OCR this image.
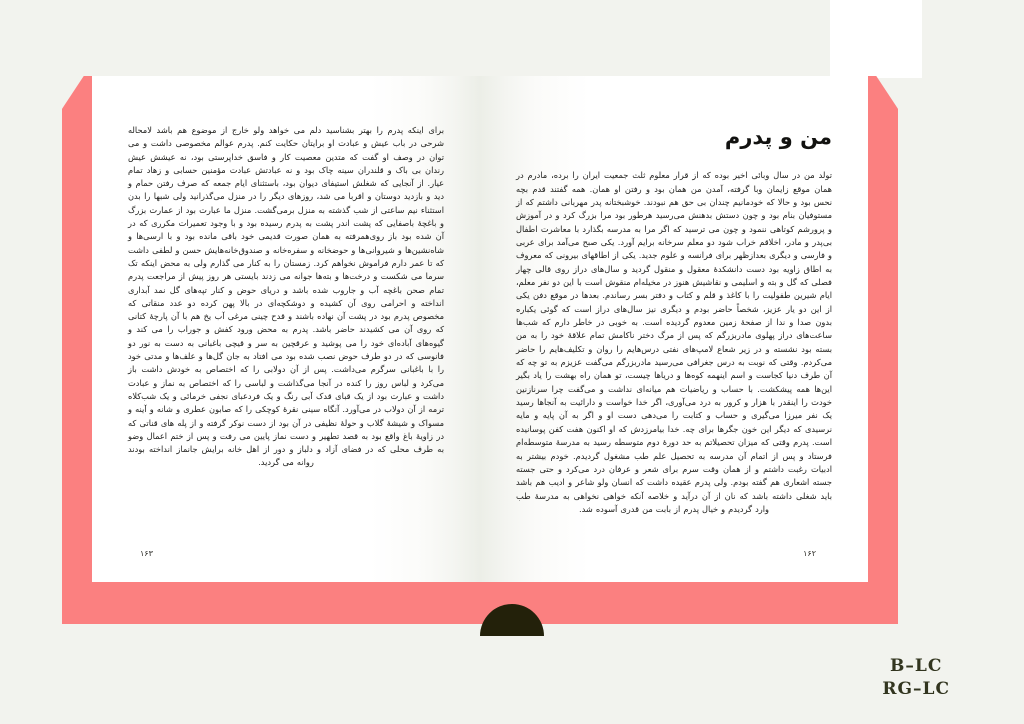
برای اینکه پدرم را بهتر بشناسید دلم می خواهد ولو خارج از موضوع هم باشد لامحاله شرحی در باب عیش و عبادت او برایتان حکایت کنم. پدرم عوالم مخصوصی داشت و می توان در وصف او گفت که متدین معصیت کار و فاسق خداپرستی بود، نه عیشش عیش رندان بی باک و قلندران سینه چاک بود و نه عبادتش عبادت مؤمنین حسابی و زهاد تمام عیار. از آنجایی که شغلش استیفای دیوان بود، باستثنای ایام جمعه که صرف رفتن حمام و دید و بازدید دوستان و اقربا می شد، روزهای دیگر را در منزل می‌گذرانید ولی شبها را بدن استثناء نیم ساعتی از شب گذشته به منزل برمی‌گشت. منزل ما عبارت بود از عمارت بزرگ و باغچهٔ باصفایی که پشت اندر پشت به پدرم رسیده بود و با وجود تعمیرات مکرری که در آن شده بود باز روی‌همرفته به همان صورت قدیمی خود باقی مانده بود و با ارسی‌ها و شاه‌نشین‌ها و شیروانی‌ها و حوضخانه و سفره‌خانه و صندوق‌خانه‌هایش حسن و لطفی داشت که تا عمر دارم فراموش نخواهم کرد. زمستان را به کنار می گذارم ولی به محض اینکه تک سرما می شکست و درخت‌ها و بته‌ها جوانه می زدند بایستی هر روز پیش از مراجعت پدرم تمام صحن باغچه آب و جاروب شده باشد و دریای حوض و کنار تپه‌های گل نمد آبداری انداخته و احرامی روی آن کشیده و دوشکچه‌ای در بالا پهن کرده دو عدد منقاتی که مخصوص پدرم بود در پشت آن نهاده باشند و قدح چینی مرغی آب یخ هم با آن پارچهٔ کتانی که روی آن می کشیدند حاضر باشد. پدرم به محض ورود کفش و جوراب را می کند و گیوه‌های آباده‌ای خود را می پوشید و عرقچین به سر و قیچی باغبانی به دست به نور دو فانوسی که در دو طرف حوض نصب شده بود می افتاد به جان گل‌ها و علف‌ها و مدتی خود را با باغبانی سرگرم می‌داشت. پس از آن دولابی را که اختصاص به خودش داشت باز می‌کرد و لباس روز را کنده در آنجا می‌گذاشت و لباسی را که اختصاص به نماز و عبادت داشت و عبارت بود از یک قبای قدک آبی رنگ و یک فردعبای نجفی خرمائی و یک شب‌کلاه ترمه از آن دولاب در می‌آورد. آنگاه سینی نقرهٔ کوچکی را که صابون عطری و شانه و آینه و مسواک و شیشهٔ گلاب و حولهٔ نظیفی در آن بود از دست نوکر گرفته و از پله های قناتی که در زاویهٔ باغ واقع بود به قصد تطهیر و دست نماز پایین می رفت و پس از ختم اعمال وضو به طرف محلی که در فضای آزاد و دلباز و دور از اهل خانه برایش جانماز انداخته بودند روانه می گردید.
۱۶۳
من و پدرم
تولد من در سال وبائی اخیر بوده که از قرار معلوم ثلث جمعیت ایران را برده، مادرم در همان موقع زایمان وبا گرفته، آمدن من همان بود و رفتن او همان. همه گفتند قدم بچه نحس بود و حالا که خودمانیم چندان بی حق هم نبودند. خوشبختانه پدر مهربانی داشتم که از مستوفیان بنام بود و چون دستش بدهنش می‌رسید هرطور بود مرا بزرگ کرد و در آموزش و پرورشم کوتاهی ننمود و چون می ترسید که اگر مرا به مدرسه بگذارد با معاشرت اطفال بی‌پدر و مادر، اخلاقم خراب شود دو معلم سرخانه برایم آورد. یکی صبح می‌آمد برای عربی و فارسی و دیگری بعدازظهر برای فرانسه و علوم جدید. یکی از اطاقهای بیرونی که معروف به اطاق زاویه بود دست دانشکدهٔ معقول و منقول گردید و سال‌های دراز روی قالی چهار فصلی که گل و بته و اسلیمی و نقاشیش هنوز در مخیله‌ام منقوش است با این دو نفر معلم، ایام شیرین طفولیت را با کاغذ و قلم و کتاب و دفتر بسر رساندم. بعدها در موقع دفن یکی از این دو یار عزیز، شخصاً حاضر بودم و دیگری نیز سال‌های دراز است که گوئی یکباره بدون صدا و ندا از صفحهٔ زمین معدوم گردیده است. به خوبی در خاطر دارم که شب‌ها ساعت‌های دراز پهلوی مادربزرگم که پس از مرگ دختر ناکامش تمام علاقهٔ خود را به من بسته بود نشسته و در زیر شعاع لامپ‌های نفتی درس‌هایم را روان و تکلیف‌هایم را حاضر می‌کردم. وقتی که نوبت به درس جغرافی می‌رسید مادربزرگم می‌گفت عزیزم به تو چه که آن طرف دنیا کجاست و اسم اینهمه کوه‌ها و دریاها چیست، تو همان راه بهشت را یاد بگیر این‌ها همه پیشکشت. با حساب و ریاضیات هم میانه‌ای نداشت و می‌گفت چرا سرنازنین خودت را اینقدر با هزار و کرور به درد می‌آوری، اگر خدا خواست و دارائیت به آنجاها رسید یک نفر میرزا می‌گیری و حساب و کتابت را می‌دهی دست او و اگر به آن پایه و مایه نرسیدی که دیگر این خون جگرها برای چه. خدا بیامرزدش که او اکنون هفت کفن پوسانیده است. پدرم وقتی که میزان تحصیلاتم به حد دورهٔ دوم متوسطه رسید به مدرسهٔ متوسطه‌ام فرستاد و پس از اتمام آن مدرسه به تحصیل علم طب مشغول گردیدم. خودم بیشتر به ادبیات رغبت داشتم و از همان وقت سرم برای شعر و عرفان درد می‌کرد و حتی جسته جسته اشعاری هم گفته بودم. ولی پدرم عقیده داشت که انسان ولو شاعر و ادیب هم باشد باید شغلی داشته باشد که نان از آن درآید و خلاصه آنکه خواهی نخواهی به مدرسهٔ طب وارد گردیدم و خیال پدرم از بابت من قدری آسوده شد.
۱۶۲
B–LC
RG–LC
